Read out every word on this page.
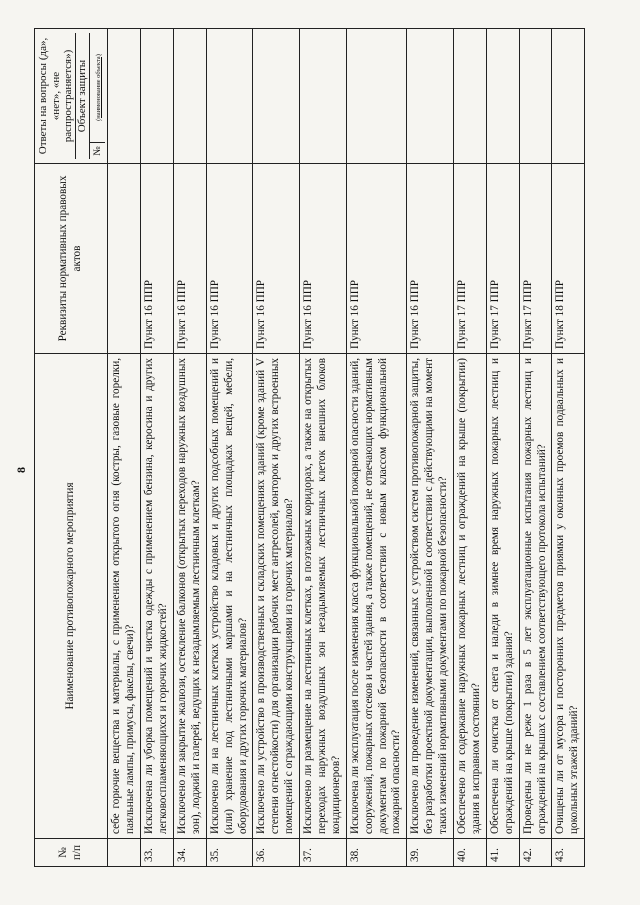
8
№ п/п	Наименование противопожарного мероприятия	Реквизиты нормативных правовых актов	Ответы на вопросы (да», «нет», «не распространяется») Объект защиты
№
(наименование объекта)

	себе горючие вещества и материалы, с применением открытого огня (костры, газовые горелки, паяльные лампы, примусы, факелы, свечи)?		
33.	Исключена ли уборка помещений и чистка одежды с применением бензина, керосина и других легковоспламеняющихся и горючих жидкостей?	Пункт 16 ППР	
34.	Исключено ли закрытие жалюзи, остекление балконов (открытых переходов наружных воздушных зон), лоджий и галерей, ведущих к незадымляемым лестничным клеткам?	Пункт 16 ППР	
35.	Исключено ли на лестничных клетках устройство кладовых и других подсобных помещений и (или) хранение под лестничными маршами и на лестничных площадках вещей, мебели, оборудования и других горючих материалов?	Пункт 16 ППР	
36.	Исключено ли устройство в производственных и складских помещениях зданий (кроме зданий V степени огнестойкости) для организации рабочих мест антресолей, конторок и других встроенных помещений с ограждающими конструкциями из горючих материалов?	Пункт 16 ППР	
37.	Исключено ли размещение на лестничных клетках, в поэтажных коридорах, а также на открытых переходах наружных воздушных зон незадымляемых лестничных клеток внешних блоков кондиционеров?	Пункт 16 ППР	
38.	Исключена ли эксплуатация после изменения класса функциональной пожарной опасности зданий, сооружений, пожарных отсеков и частей здания, а также помещений, не отвечающих нормативным документам по пожарной безопасности в соответствии с новым классом функциональной пожарной опасности?	Пункт 16 ППР	
39.	Исключено ли проведение изменений, связанных с устройством систем противопожарной защиты, без разработки проектной документации, выполненной в соответствии с действующими на момент таких изменений нормативными документами по пожарной безопасности?	Пункт 16 ППР	
40.	Обеспечено ли содержание наружных пожарных лестниц и ограждений на крыше (покрытии) здания в исправном состоянии?	Пункт 17 ППР	
41.	Обеспечена ли очистка от снега и наледи в зимнее время наружных пожарных лестниц и ограждений на крыше (покрытии) здания?	Пункт 17 ППР	
42.	Проведены ли не реже 1 раза в 5 лет эксплуатационные испытания пожарных лестниц и ограждений на крышах с составлением соответствующего протокола испытаний?	Пункт 17 ППР	
43.	Очищены ли от мусора и посторонних предметов приямки у оконных проемов подвальных и цокольных этажей зданий?	Пункт 18 ППР	
